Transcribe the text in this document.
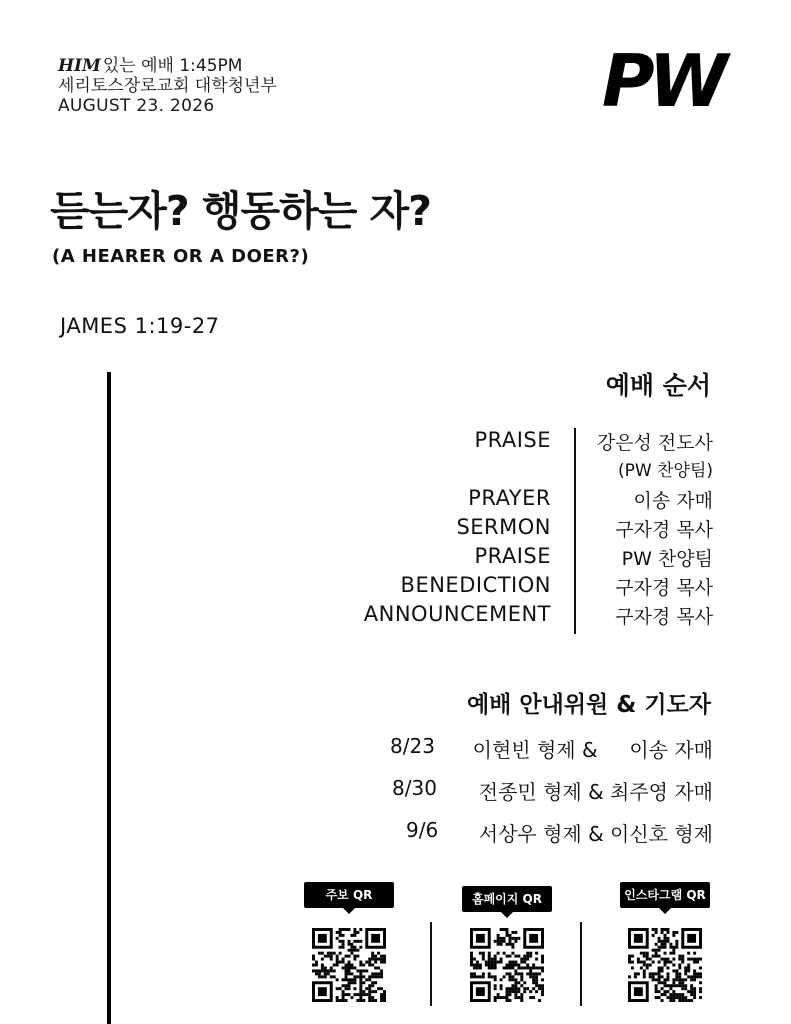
HIM 있는 예배 1:45PM
세리토스장로교회 대학청년부
AUGUST 23. 2026	PW
듣는자? 행동하는 자?
(A HEARER OR A DOER?)
JAMES 1:19-27
예배 순서
PRAISE 강은성 전도사
(PW 찬양팀)
PRAYER	이송 자매
SERMON	구자경 목사
PRAISE	PW 찬양팀
BENEDICTION	구자경 목사
ANNOUNCEMENT	구자경 목사
예배 안내위원 & 기도자
8/23 이현빈 형제 &     이송 자매
8/30 전종민 형제 & 최주영 자매
9/6 서상우 형제 & 이신호 형제
주보 QR	홈페이지 QR	인스타그램 QR
